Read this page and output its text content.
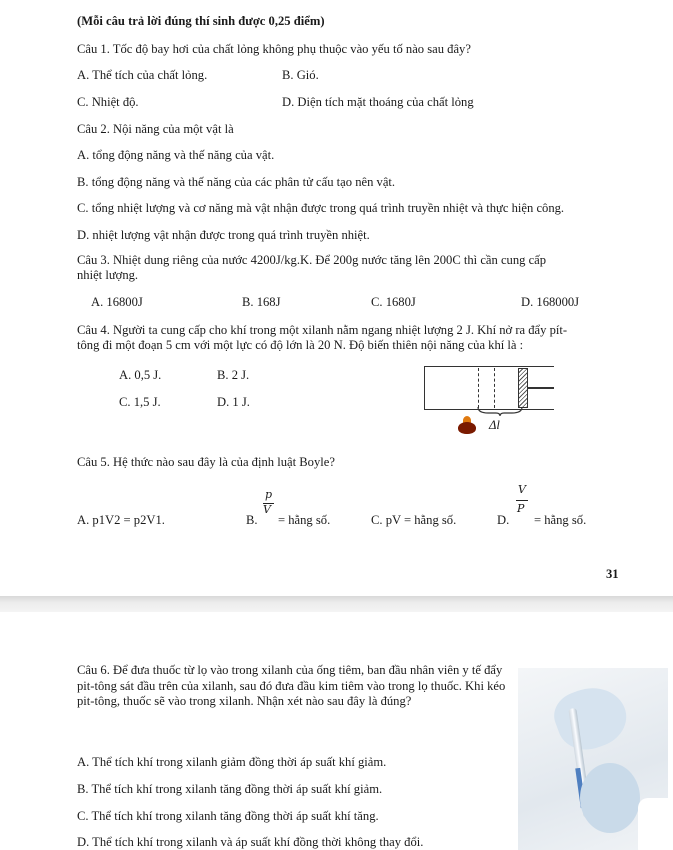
(Mỗi câu trả lời đúng thí sinh được 0,25 điểm)
Câu 1. Tốc độ bay hơi của chất lỏng không phụ thuộc vào yếu tố nào sau đây?
A. Thể tích của chất lỏng.	B. Gió.
C. Nhiệt độ.	D. Diện tích mặt thoáng của chất lỏng
Câu 2. Nội năng của một vật là
A. tổng động năng và thế năng của vật.
B. tổng động năng và thế năng của các phân tử cấu tạo nên vật.
C. tổng nhiệt lượng và cơ năng mà vật nhận được trong quá trình truyền nhiệt và thực hiện công.
D. nhiệt lượng vật nhận được trong quá trình truyền nhiệt.
Câu 3. Nhiệt dung riêng của nước 4200J/kg.K. Để 200g nước tăng lên 200C thì cần cung cấp
nhiệt lượng.
A. 16800J	B. 168J	C. 1680J	D. 168000J
Câu 4. Người ta cung cấp cho khí trong một xilanh nằm ngang nhiệt lượng 2 J. Khí nở ra đẩy pít-
tông đi một đoạn 5 cm với một lực có độ lớn là 20 N. Độ biến thiên nội năng của khí là :
A. 0,5 J.	B. 2 J.
C. 1,5 J.	D. 1 J.
Δl
Câu 5. Hệ thức nào sau đây là của định luật Boyle?
A. p1V2 = p2V1.	B.
p
V
= hằng số.	C. pV = hằng số.	D.
V
P
= hằng số.
31
Câu 6. Để đưa thuốc từ lọ vào trong xilanh của ống tiêm, ban đầu nhân viên y tế đẩy pit-tông sát đầu trên của xilanh, sau đó đưa đầu kim tiêm vào trong lọ thuốc. Khi kéo pit-tông, thuốc sẽ vào trong xilanh. Nhận xét nào sau đây là đúng?
A. Thể tích khí trong xilanh giảm đồng thời áp suất khí giảm.
B. Thể tích khí trong xilanh tăng đồng thời áp suất khí giảm.
C. Thể tích khí trong xilanh tăng đồng thời áp suất khí tăng.
D. Thể tích khí trong xilanh và áp suất khí đồng thời không thay đổi.
